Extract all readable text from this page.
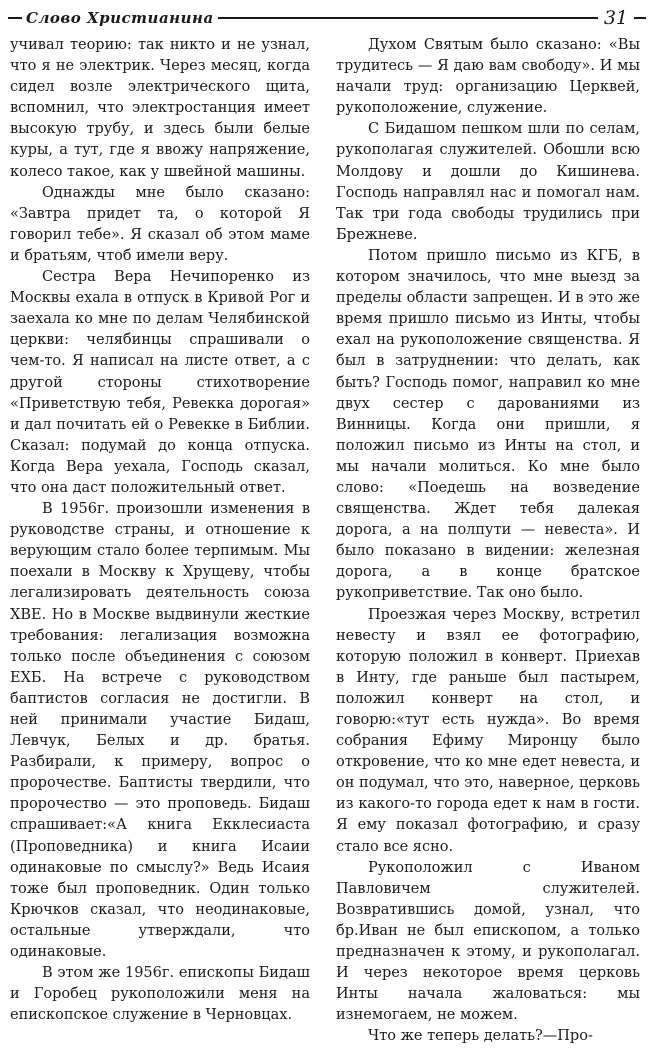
Слово Христианина	31

учивал теорию: так никто и не узнал, что я не электрик. Через месяц, когда сидел возле электрического щита, вспомнил, что электростанция имеет высокую трубу, и здесь были белые куры, а тут, где я ввожу напряжение, колесо такое, как у швейной машины.

Однажды мне было сказано: «Завтра придет та, о которой Я говорил тебе». Я сказал об этом маме и братьям, чтоб имели веру.

Сестра Вера Нечипоренко из Москвы ехала в отпуск в Кривой Рог и заехала ко мне по делам Челябинской церкви: челябинцы спрашивали о чем-то. Я написал на листе ответ, а с другой стороны стихотворение «Приветствую тебя, Ревекка дорогая» и дал почитать ей о Ревекке в Библии. Сказал: подумай до конца отпуска. Когда Вера уехала, Господь сказал, что она даст положительный ответ.

В 1956г. произошли изменения в руководстве страны, и отношение к верующим стало более терпимым. Мы поехали в Москву к Хрущеву, чтобы легализировать деятельность союза ХВЕ. Но в Москве выдвинули жесткие требования: легализация возможна только после объединения с союзом ЕХБ. На встрече с руководством баптистов согласия не достигли. В ней принимали участие Бидаш, Левчук, Белых и др. братья. Разбирали, к примеру, вопрос о пророчестве. Баптисты твердили, что пророчество — это проповедь. Бидаш спрашивает:«А книга Екклесиаста (Проповедника) и книга Исаии одинаковые по смыслу?» Ведь Исаия тоже был проповедник. Один только Крючков сказал, что неодинаковые, остальные утверждали, что одинаковые.

В этом же 1956г. епископы Бидаш и Горобец рукоположили меня на епископское служение в Черновцах.

Духом Святым было сказано: «Вы трудитесь — Я даю вам свободу». И мы начали труд: организацию Церквей, рукоположение, служение.

С Бидашом пешком шли по селам, рукополагая служителей. Обошли всю Молдову и дошли до Кишинева. Господь направлял нас и помогал нам. Так три года свободы трудились при Брежневе.

Потом пришло письмо из КГБ, в котором значилось, что мне выезд за пределы области запрещен. И в это же время пришло письмо из Инты, чтобы ехал на рукоположение священства. Я был в затруднении: что делать, как быть? Господь помог, направил ко мне двух сестер с дарованиями из Винницы. Когда они пришли, я положил письмо из Инты на стол, и мы начали молиться. Ко мне было слово: «Поедешь на возведение священства. Ждет тебя далекая дорога, а на полпути — невеста». И было показано в видении: железная дорога, а в конце братское рукоприветствие. Так оно было.

Проезжая через Москву, встретил невесту и взял ее фотографию, которую положил в конверт. Приехав в Инту, где раньше был пастырем, положил конверт на стол, и говорю:«тут есть нужда». Во время собрания Ефиму Миронцу было откровение, что ко мне едет невеста, и он подумал, что это, наверное, церковь из какого-то города едет к нам в гости. Я ему показал фотографию, и сразу стало все ясно.

Рукоположил с Иваном Павловичем служителей. Возвратившись домой, узнал, что бр.Иван не был епископом, а только предназначен к этому, и рукополагал. И через некоторое время церковь Инты начала жаловаться: мы изнемогаем, не можем.

Что же теперь делать?—Про-
